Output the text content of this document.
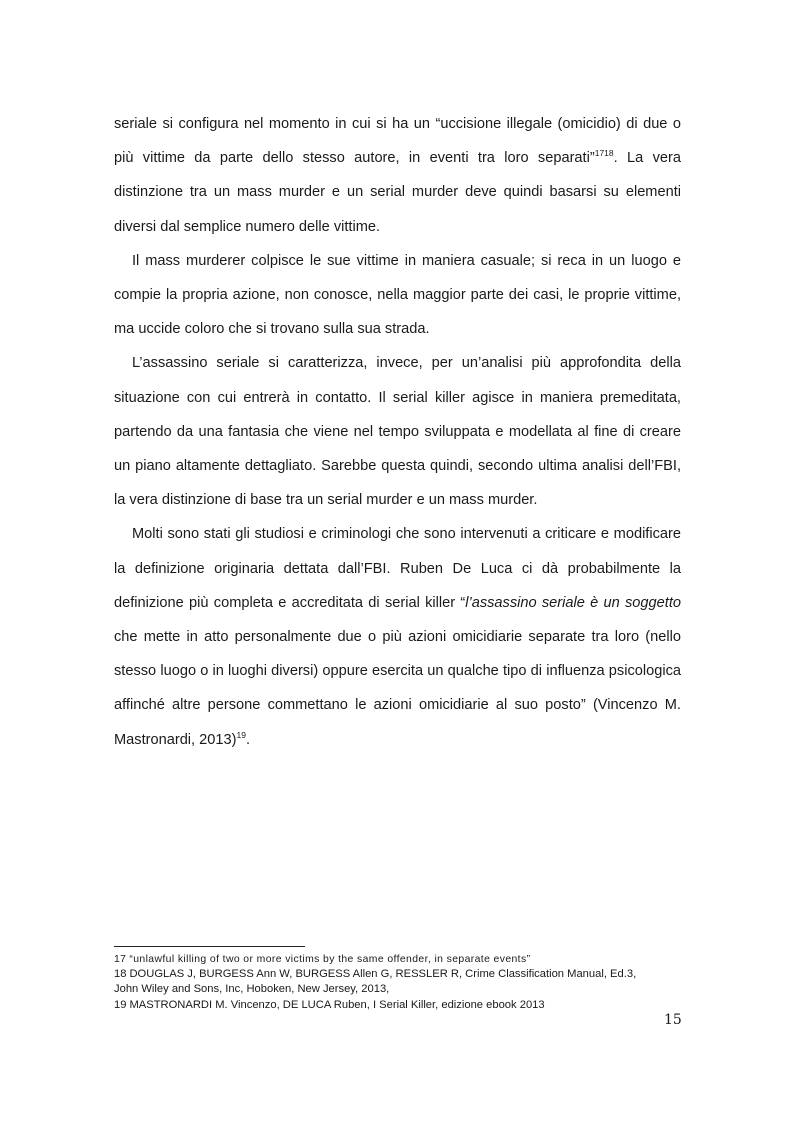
seriale si configura nel momento in cui si ha un “uccisione illegale (omicidio) di due o più vittime da parte dello stesso autore, in eventi tra loro separati”$^{1718}$. La vera distinzione tra un mass murder e un serial murder deve quindi basarsi su elementi diversi dal semplice numero delle vittime.

Il mass murderer colpisce le sue vittime in maniera casuale; si reca in un luogo e compie la propria azione, non conosce, nella maggior parte dei casi, le proprie vittime, ma uccide coloro che si trovano sulla sua strada.

L’assassino seriale si caratterizza, invece, per un’analisi più approfondita della situazione con cui entrerà in contatto. Il serial killer agisce in maniera premeditata, partendo da una fantasia che viene nel tempo sviluppata e modellata al fine di creare un piano altamente dettagliato. Sarebbe questa quindi, secondo ultima analisi dell’FBI, la vera distinzione di base tra un serial murder e un mass murder.

Molti sono stati gli studiosi e criminologi che sono intervenuti a criticare e modificare la definizione originaria dettata dall’FBI. Ruben De Luca ci dà probabilmente la definizione più completa e accreditata di serial killer “l’assassino seriale è un soggetto che mette in atto personalmente due o più azioni omicidiarie separate tra loro (nello stesso luogo o in luoghi diversi) oppure esercita un qualche tipo di influenza psicologica affinché altre persone commettano le azioni omicidiarie al suo posto” (Vincenzo M. Mastronardi, 2013)$^{19}$.

17 “unlawful killing of two or more victims by the same offender, in separate events”
18 DOUGLAS J, BURGESS Ann W, BURGESS Allen G, RESSLER R, Crime Classification Manual, Ed.3,
John Wiley and Sons, Inc, Hoboken, New Jersey, 2013,
19 MASTRONARDI M. Vincenzo, DE LUCA Ruben, I Serial Killer, edizione ebook 2013
15
